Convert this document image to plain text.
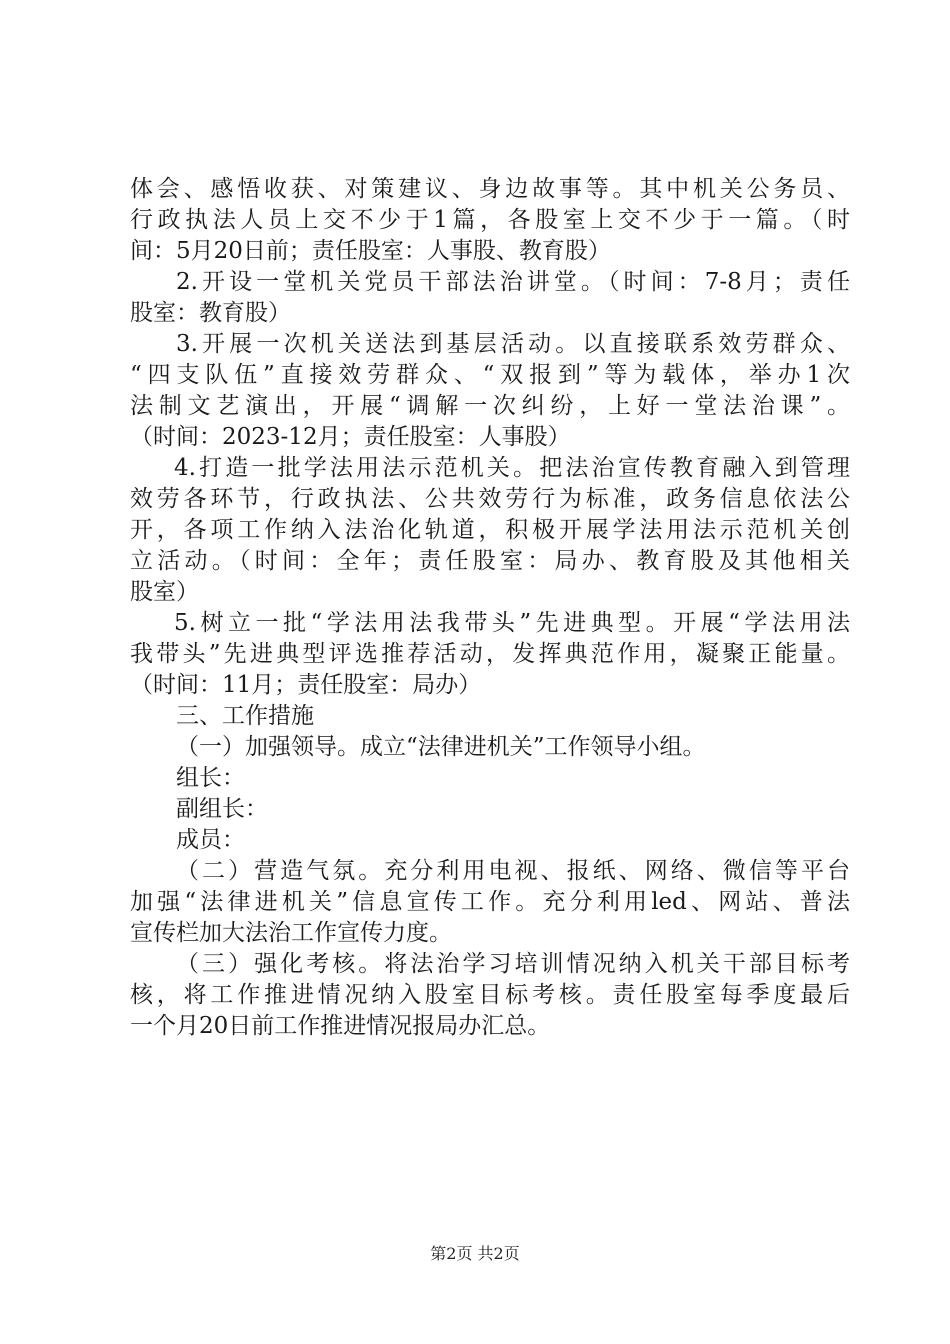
体会、感悟收获、对策建议、身边故事等。其中机关公务员、
行政执法人员上交不少于1篇，各股室上交不少于一篇。（时
间：5月20日前；责任股室：人事股、教育股）
2.开设一堂机关党员干部法治讲堂。（时间：7-8月；责任
股室：教育股）
3.开展一次机关送法到基层活动。以直接联系效劳群众、
“四支队伍”直接效劳群众、“双报到”等为载体，举办1次
法制文艺演出，开展“调解一次纠纷，上好一堂法治课”。
（时间：2023-12月；责任股室：人事股）
4.打造一批学法用法示范机关。把法治宣传教育融入到管理
效劳各环节，行政执法、公共效劳行为标准，政务信息依法公
开，各项工作纳入法治化轨道，积极开展学法用法示范机关创
立活动。（时间：全年；责任股室：局办、教育股及其他相关
股室）
5.树立一批“学法用法我带头”先进典型。开展“学法用法
我带头”先进典型评选推荐活动，发挥典范作用，凝聚正能量。
（时间：11月；责任股室：局办）
三、工作措施
（一）加强领导。成立“法律进机关”工作领导小组。
组长：
副组长：
成员：
（二）营造气氛。充分利用电视、报纸、网络、微信等平台
加强“法律进机关”信息宣传工作。充分利用led、网站、普法
宣传栏加大法治工作宣传力度。
（三）强化考核。将法治学习培训情况纳入机关干部目标考
核，将工作推进情况纳入股室目标考核。责任股室每季度最后
一个月20日前工作推进情况报局办汇总。
第2页 共2页
